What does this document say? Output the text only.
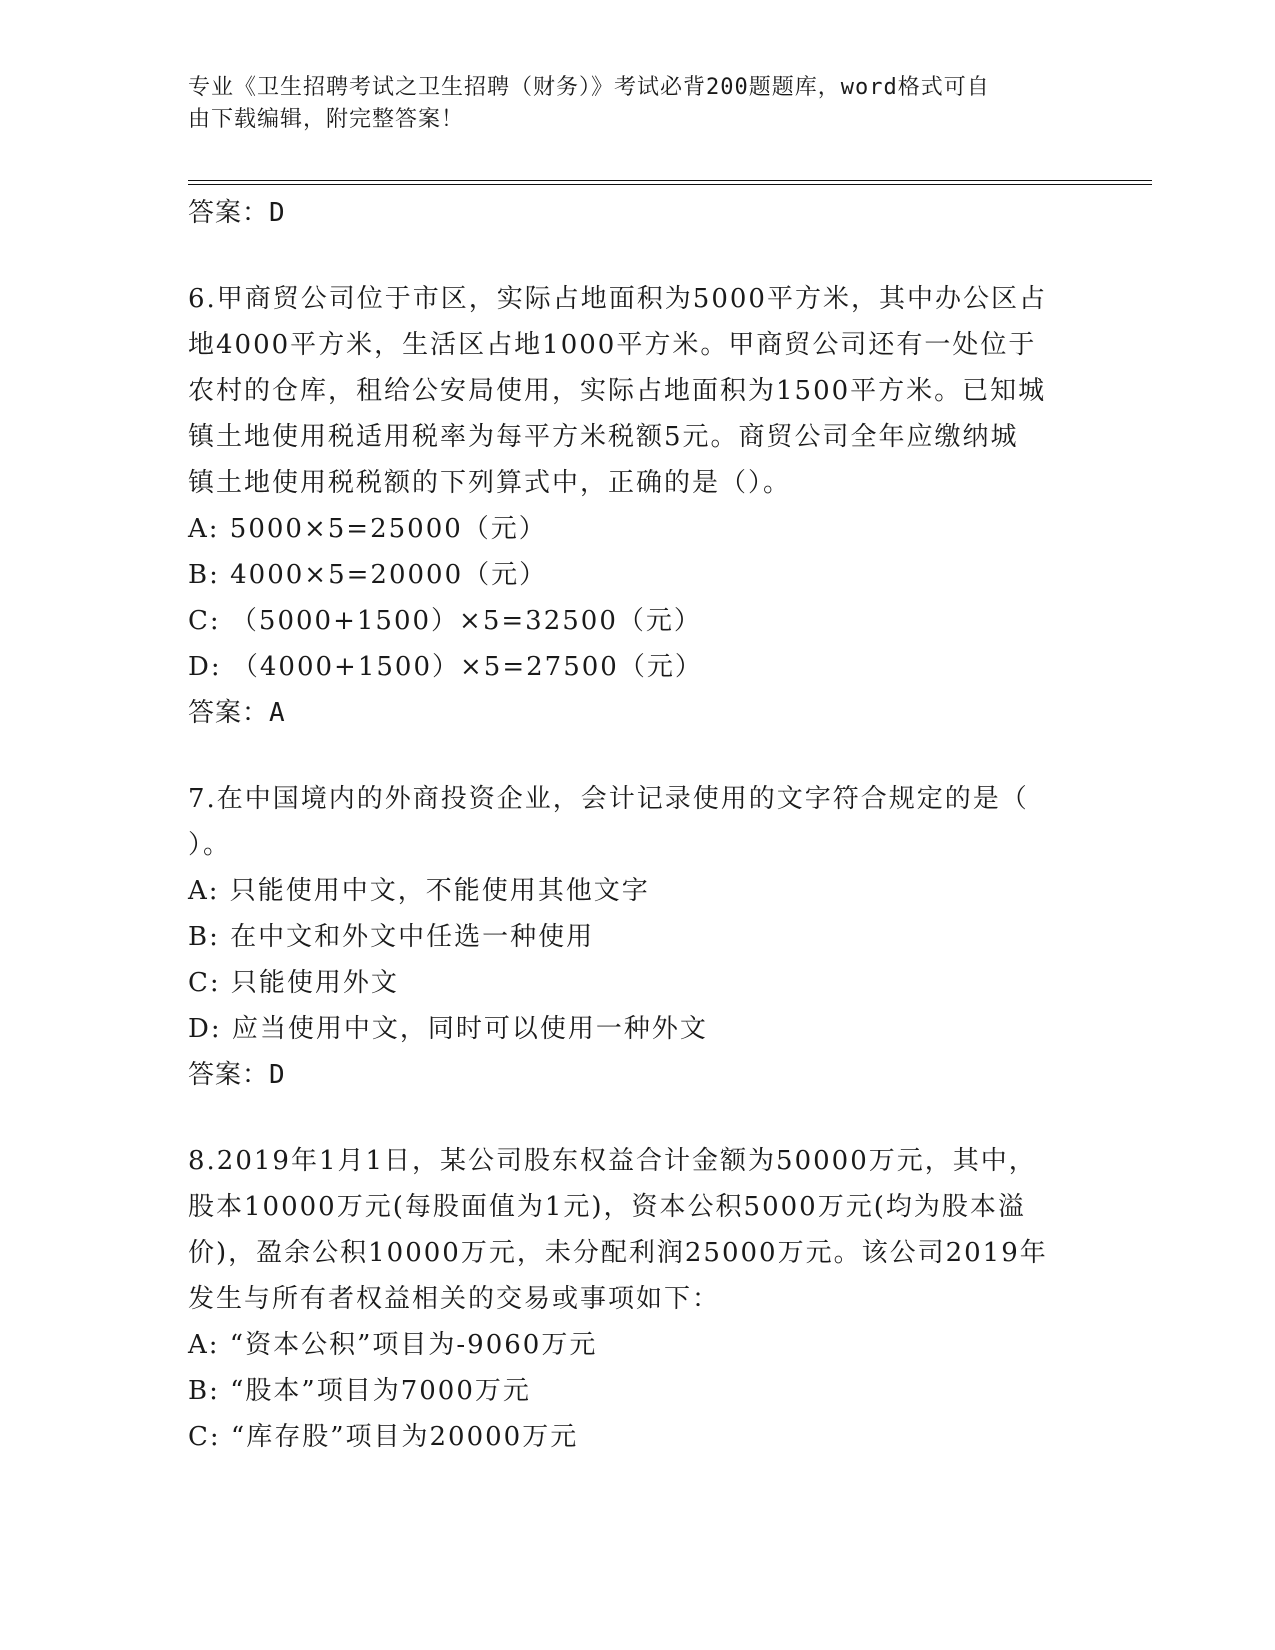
专业《卫生招聘考试之卫生招聘（财务）》考试必背200题题库，word格式可自
由下载编辑，附完整答案！
答案：D
6.甲商贸公司位于市区，实际占地面积为5000平方米，其中办公区占
地4000平方米，生活区占地1000平方米。甲商贸公司还有一处位于
农村的仓库，租给公安局使用，实际占地面积为1500平方米。已知城
镇土地使用税适用税率为每平方米税额5元。商贸公司全年应缴纳城
镇土地使用税税额的下列算式中，正确的是（）。
A: 5000×5=25000（元）
B: 4000×5=20000（元）
C: （5000+1500）×5=32500（元）
D: （4000+1500）×5=27500（元）
答案：A
7.在中国境内的外商投资企业，会计记录使用的文字符合规定的是（
）。
A: 只能使用中文，不能使用其他文字
B: 在中文和外文中任选一种使用
C: 只能使用外文
D: 应当使用中文，同时可以使用一种外文
答案：D
8.2019年1月1日，某公司股东权益合计金额为50000万元，其中，
股本10000万元(每股面值为1元)，资本公积5000万元(均为股本溢
价)，盈余公积10000万元，未分配利润25000万元。该公司2019年
发生与所有者权益相关的交易或事项如下：
A: “资本公积”项目为-9060万元
B: “股本”项目为7000万元
C: “库存股”项目为20000万元
